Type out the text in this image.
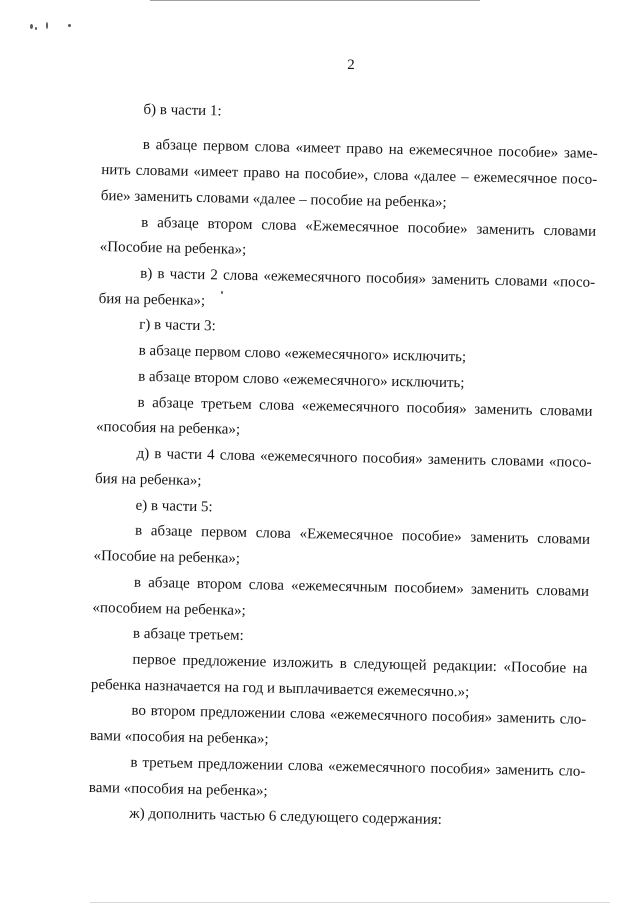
2
б) в части 1:
в абзаце первом слова «имеет право на ежемесячное пособие» заме-
нить словами «имеет право на пособие», слова «далее – ежемесячное посо-
бие» заменить словами «далее – пособие на ребенка»;
в абзаце втором слова «Ежемесячное пособие» заменить словами
«Пособие на ребенка»;
в) в части 2 слова «ежемесячного пособия» заменить словами «посо-
бия на ребенка»;
г) в части 3:
в абзаце первом слово «ежемесячного» исключить;
в абзаце втором слово «ежемесячного» исключить;
в абзаце третьем слова «ежемесячного пособия» заменить словами
«пособия на ребенка»;
д) в части 4 слова «ежемесячного пособия» заменить словами «посо-
бия на ребенка»;
е) в части 5:
в абзаце первом слова «Ежемесячное пособие» заменить словами
«Пособие на ребенка»;
в абзаце втором слова «ежемесячным пособием» заменить словами
«пособием на ребенка»;
в абзаце третьем:
первое предложение изложить в следующей редакции: «Пособие на
ребенка назначается на год и выплачивается ежемесячно.»;
во втором предложении слова «ежемесячного пособия» заменить сло-
вами «пособия на ребенка»;
в третьем предложении слова «ежемесячного пособия» заменить сло-
вами «пособия на ребенка»;
ж) дополнить частью 6 следующего содержания:
